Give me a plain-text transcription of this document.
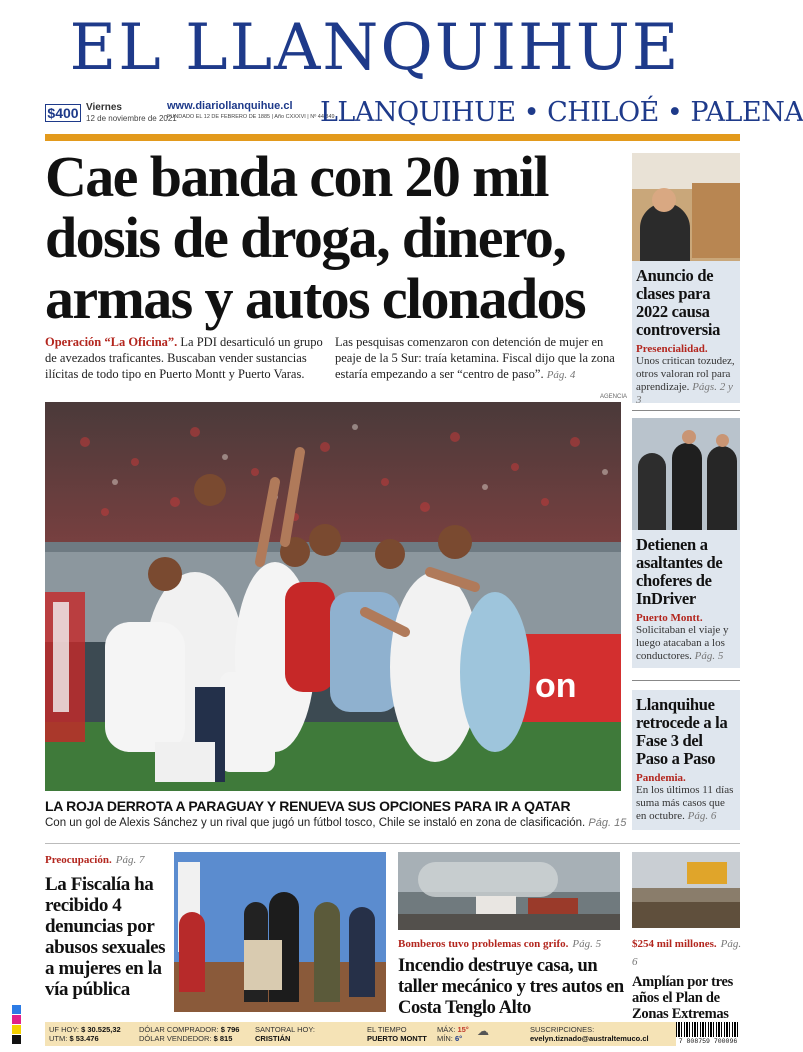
EL LLANQUIHUE
$400 Viernes
12 de noviembre de 2021
www.diariollanquihue.cl
FUNDADO EL 12 DE FEBRERO DE 1885 | Año CXXXVI | Nº 44.349
LLANQUIHUE • CHILOÉ • PALENA
Cae banda con 20 mil dosis de droga, dinero, armas y autos clonados
Operación “La Oficina”. La PDI desarticuló un grupo de avezados traficantes. Buscaban vender sustancias ilícitas de todo tipo en Puerto Montt y Puerto Varas.
Las pesquisas comenzaron con detención de mujer en peaje de la 5 Sur: traía ketamina. Fiscal dijo que la zona estaría empezando a ser “centro de paso”. Pág. 4
on
AGENCIA
LA ROJA DERROTA A PARAGUAY Y RENUEVA SUS OPCIONES PARA IR A QATAR
Con un gol de Alexis Sánchez y un rival que jugó un fútbol tosco, Chile se instaló en zona de clasificación. Pág. 15
Anuncio de clases para 2022 causa controversia
Presencialidad.
Unos critican tozudez, otros valoran rol para aprendizaje. Págs. 2 y 3
Detienen a asaltantes de choferes de InDriver
Puerto Montt.
Solicitaban el viaje y luego atacaban a los conductores. Pág. 5
Llanquihue retrocede a la Fase 3 del Paso a Paso
Pandemia.
En los últimos 11 días suma más casos que en octubre. Pág. 6
Preocupación. Pág. 7
La Fiscalía ha recibido 4 denuncias por abusos sexuales a mujeres en la vía pública
Bomberos tuvo problemas con grifo. Pág. 5
Incendio destruye casa, un taller mecánico y tres autos en Costa Tenglo Alto
$254 mil millones. Pág. 6
Amplían por tres años el Plan de Zonas Extremas
UF HOY: $ 30.525,32
UTM: $ 53.476
DÓLAR COMPRADOR: $ 796
DÓLAR VENDEDOR: $ 815
SANTORAL HOY:
CRISTIÁN
EL TIEMPO
PUERTO MONTT
MÁX: 15°
MÍN: 6°
☁	SUSCRIPCIONES:
evelyn.tiznado@australtemuco.cl	7 808759 700096
